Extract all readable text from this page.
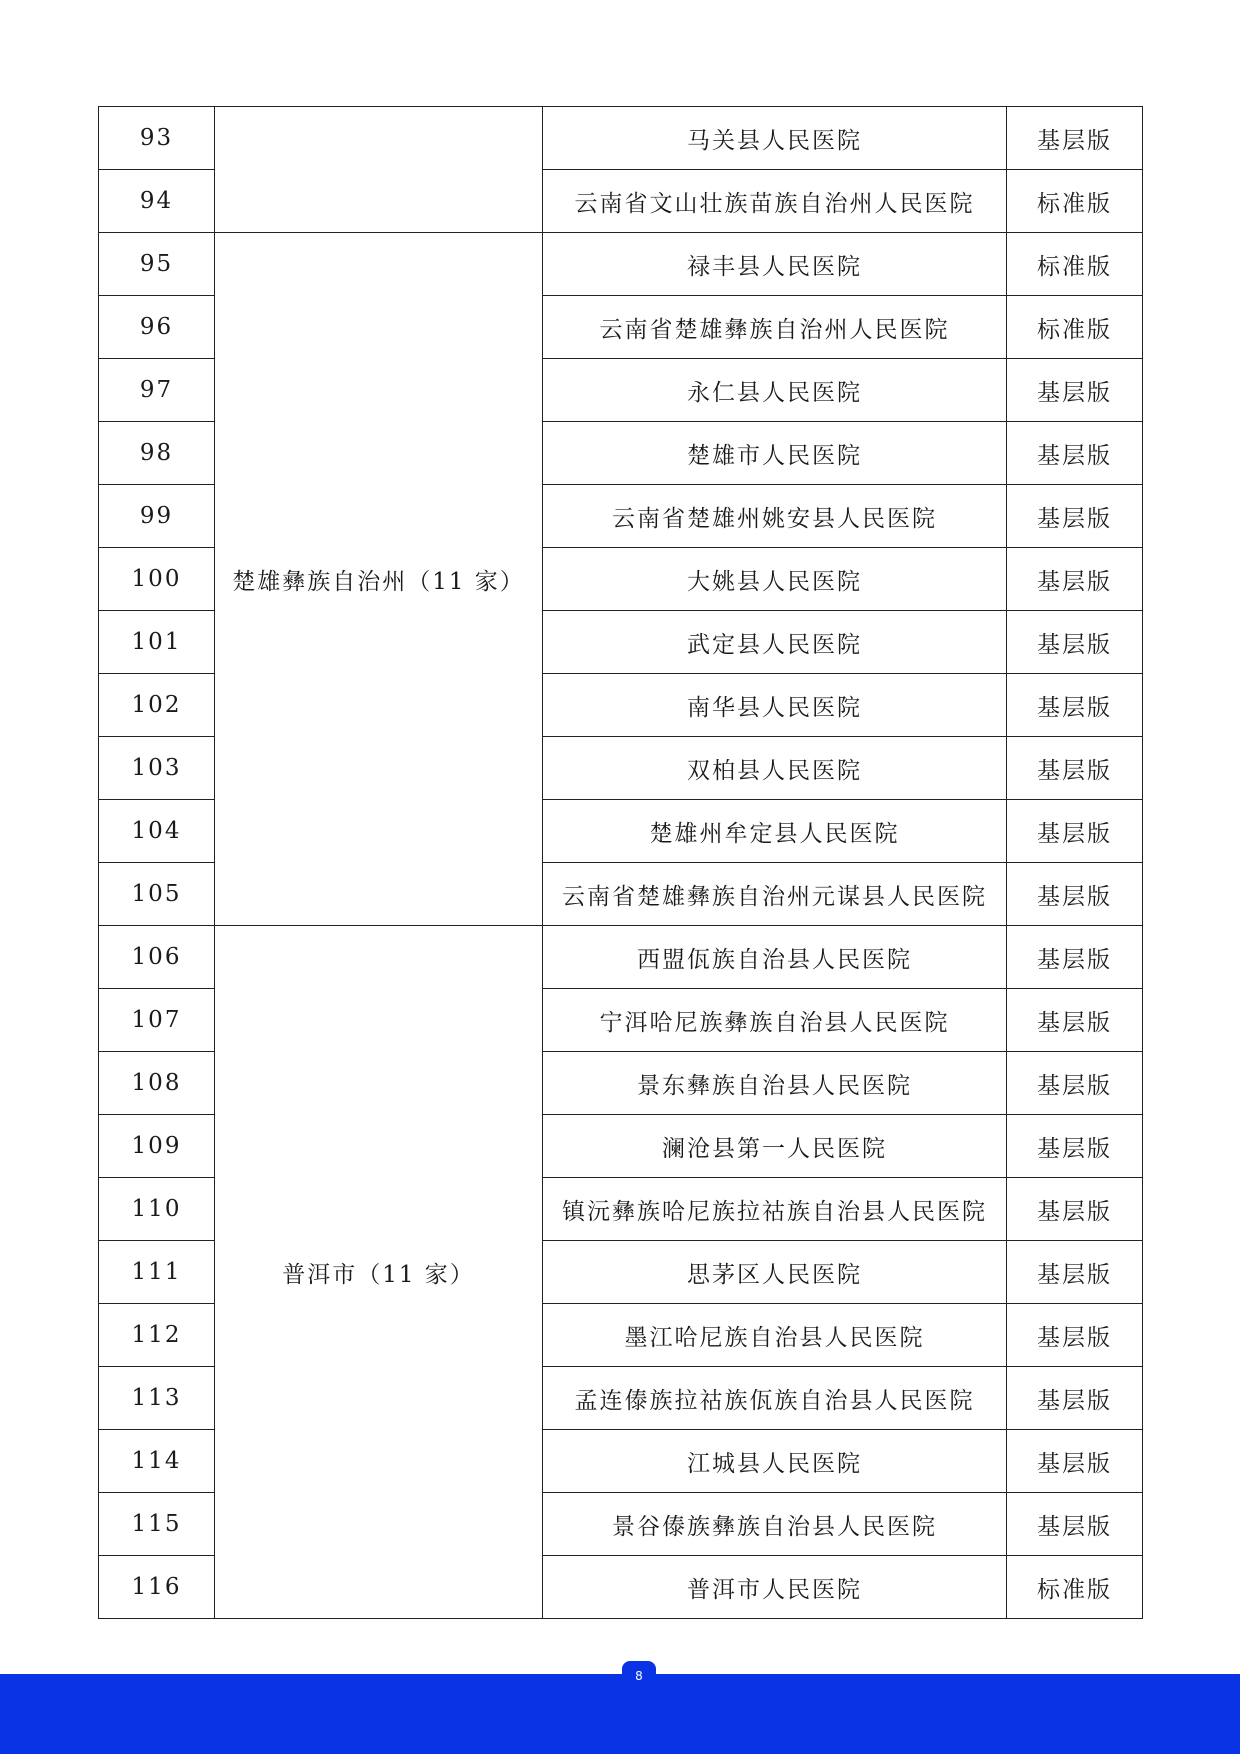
93		马关县人民医院	基层版
94		云南省文山壮族苗族自治州人民医院	标准版
95	楚雄彝族自治州（11 家）	禄丰县人民医院	标准版
96		云南省楚雄彝族自治州人民医院	标准版
97		永仁县人民医院	基层版
98		楚雄市人民医院	基层版
99		云南省楚雄州姚安县人民医院	基层版
100		大姚县人民医院	基层版
101		武定县人民医院	基层版
102		南华县人民医院	基层版
103		双柏县人民医院	基层版
104		楚雄州牟定县人民医院	基层版
105		云南省楚雄彝族自治州元谋县人民医院	基层版
106	普洱市（11 家）	西盟佤族自治县人民医院	基层版
107		宁洱哈尼族彝族自治县人民医院	基层版
108		景东彝族自治县人民医院	基层版
109		澜沧县第一人民医院	基层版
110		镇沅彝族哈尼族拉祜族自治县人民医院	基层版
111		思茅区人民医院	基层版
112		墨江哈尼族自治县人民医院	基层版
113		孟连傣族拉祜族佤族自治县人民医院	基层版
114		江城县人民医院	基层版
115		景谷傣族彝族自治县人民医院	基层版
116		普洱市人民医院	标准版
8
